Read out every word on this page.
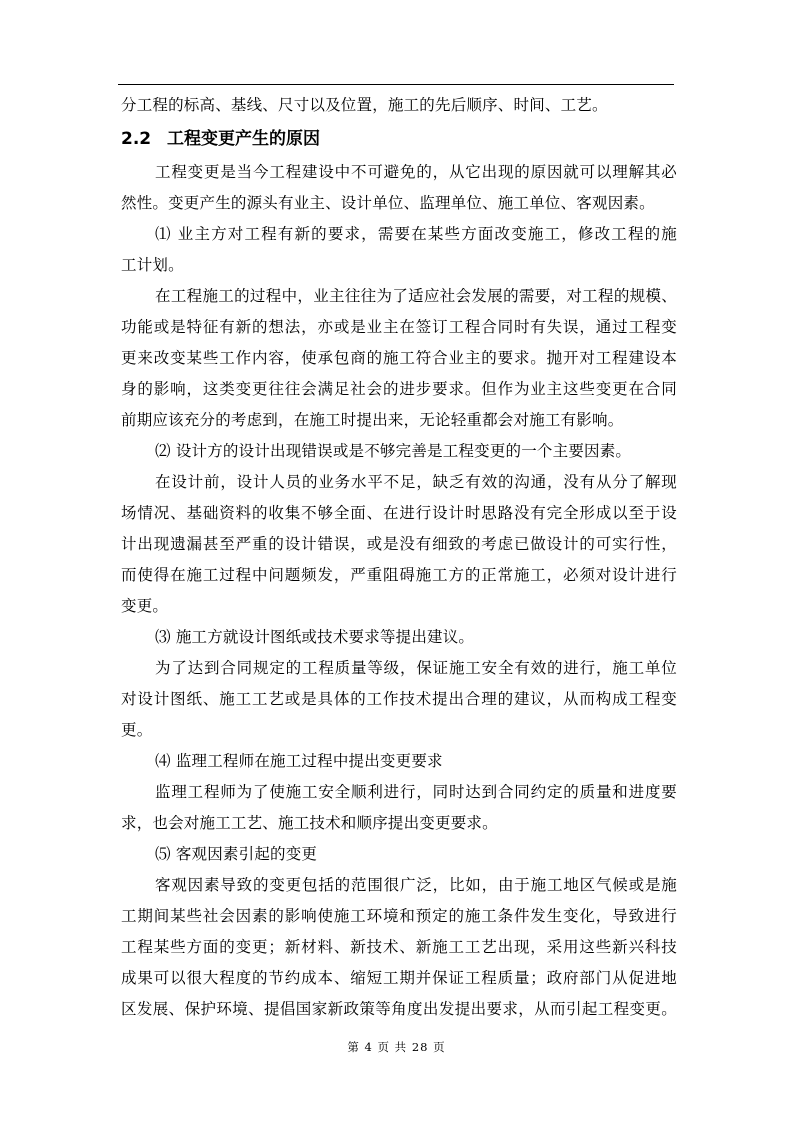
分工程的标高、基线、尺寸以及位置，施工的先后顺序、时间、工艺。
2.2 工程变更产生的原因
工程变更是当今工程建设中不可避免的，从它出现的原因就可以理解其必
然性。变更产生的源头有业主、设计单位、监理单位、施工单位、客观因素。
⑴ 业主方对工程有新的要求，需要在某些方面改变施工，修改工程的施
工计划。
在工程施工的过程中，业主往往为了适应社会发展的需要，对工程的规模、
功能或是特征有新的想法，亦或是业主在签订工程合同时有失误，通过工程变
更来改变某些工作内容，使承包商的施工符合业主的要求。抛开对工程建设本
身的影响，这类变更往往会满足社会的进步要求。但作为业主这些变更在合同
前期应该充分的考虑到，在施工时提出来，无论轻重都会对施工有影响。
⑵ 设计方的设计出现错误或是不够完善是工程变更的一个主要因素。
在设计前，设计人员的业务水平不足，缺乏有效的沟通，没有从分了解现
场情况、基础资料的收集不够全面、在进行设计时思路没有完全形成以至于设
计出现遗漏甚至严重的设计错误，或是没有细致的考虑已做设计的可实行性，
而使得在施工过程中问题频发，严重阻碍施工方的正常施工，必须对设计进行
变更。
⑶ 施工方就设计图纸或技术要求等提出建议。
为了达到合同规定的工程质量等级，保证施工安全有效的进行，施工单位
对设计图纸、施工工艺或是具体的工作技术提出合理的建议，从而构成工程变
更。
⑷ 监理工程师在施工过程中提出变更要求
监理工程师为了使施工安全顺利进行，同时达到合同约定的质量和进度要
求，也会对施工工艺、施工技术和顺序提出变更要求。
⑸ 客观因素引起的变更
客观因素导致的变更包括的范围很广泛，比如，由于施工地区气候或是施
工期间某些社会因素的影响使施工环境和预定的施工条件发生变化，导致进行
工程某些方面的变更；新材料、新技术、新施工工艺出现，采用这些新兴科技
成果可以很大程度的节约成本、缩短工期并保证工程质量；政府部门从促进地
区发展、保护环境、提倡国家新政策等角度出发提出要求，从而引起工程变更。
第 4 页 共 28 页
